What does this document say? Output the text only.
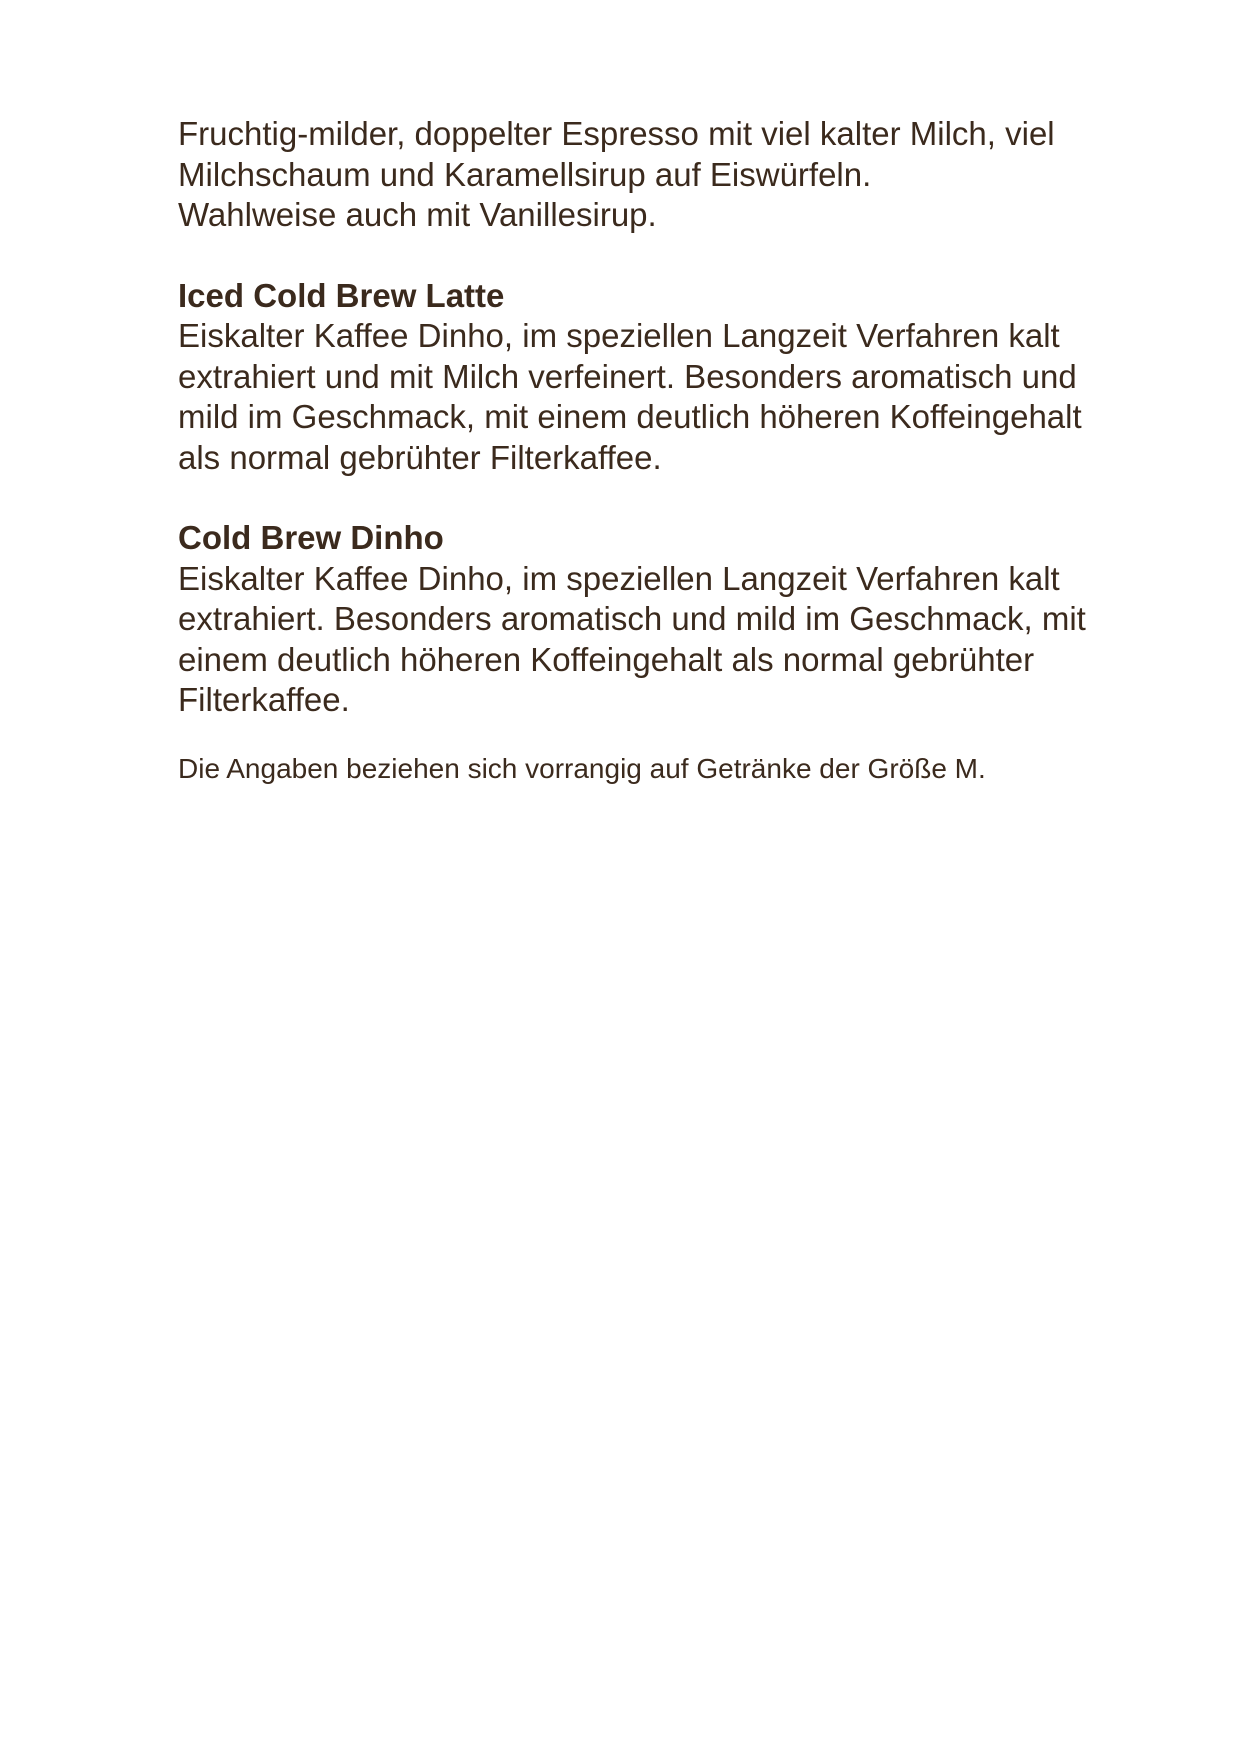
Fruchtig-milder, doppelter Espresso mit viel kalter Milch, viel
Milchschaum und Karamellsirup auf Eiswürfeln.
Wahlweise auch mit Vanillesirup.
Iced Cold Brew Latte
Eiskalter Kaffee Dinho, im speziellen Langzeit Verfahren kalt
extrahiert und mit Milch verfeinert. Besonders aromatisch und
mild im Geschmack, mit einem deutlich höheren Koffeingehalt
als normal gebrühter Filterkaffee.
Cold Brew Dinho
Eiskalter Kaffee Dinho, im speziellen Langzeit Verfahren kalt
extrahiert. Besonders aromatisch und mild im Geschmack, mit
einem deutlich höheren Koffeingehalt als normal gebrühter
Filterkaffee.
Die Angaben beziehen sich vorrangig auf Getränke der Größe M.
